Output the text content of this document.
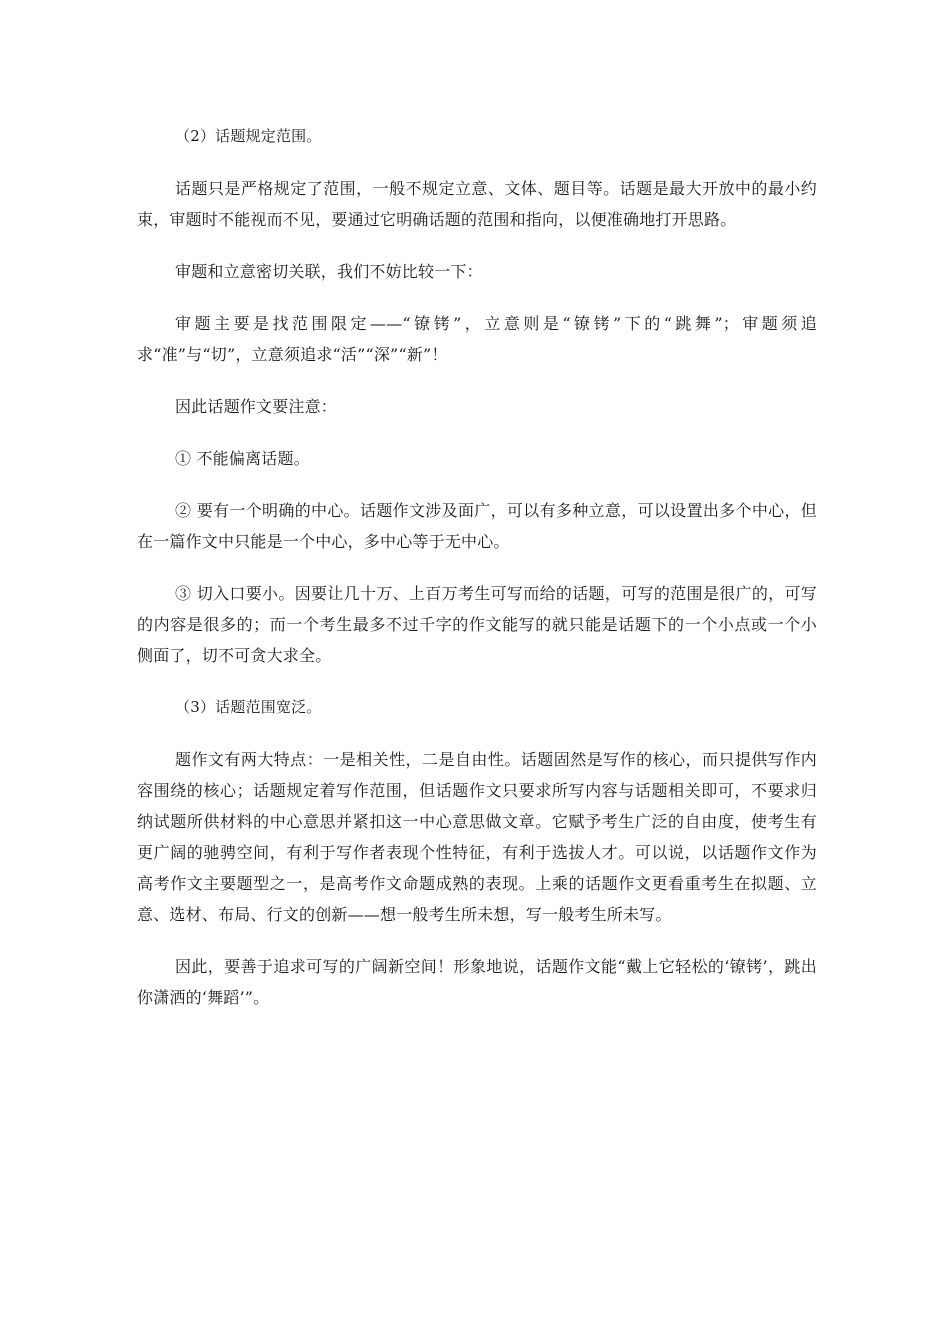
（2）话题规定范围。

话题只是严格规定了范围，一般不规定立意、文体、题目等。话题是最大开放中的最小约束，审题时不能视而不见，要通过它明确话题的范围和指向，以便准确地打开思路。

审题和立意密切关联，我们不妨比较一下：

审题主要是找范围限定——“镣铐”，立意则是“镣铐”下的“跳舞”；审题须追求“准”与“切”，立意须追求“活”“深”“新”！

因此话题作文要注意：

① 不能偏离话题。

② 要有一个明确的中心。话题作文涉及面广，可以有多种立意，可以设置出多个中心，但在一篇作文中只能是一个中心，多中心等于无中心。

③ 切入口要小。因要让几十万、上百万考生可写而给的话题，可写的范围是很广的，可写的内容是很多的；而一个考生最多不过千字的作文能写的就只能是话题下的一个小点或一个小侧面了，切不可贪大求全。

（3）话题范围宽泛。

题作文有两大特点：一是相关性，二是自由性。话题固然是写作的核心，而只提供写作内容围绕的核心；话题规定着写作范围，但话题作文只要求所写内容与话题相关即可，不要求归纳试题所供材料的中心意思并紧扣这一中心意思做文章。它赋予考生广泛的自由度，使考生有更广阔的驰骋空间，有利于写作者表现个性特征，有利于选拔人才。可以说，以话题作文作为高考作文主要题型之一，是高考作文命题成熟的表现。上乘的话题作文更看重考生在拟题、立意、选材、布局、行文的创新——想一般考生所未想，写一般考生所未写。

因此，要善于追求可写的广阔新空间！形象地说，话题作文能“戴上它轻松的‘镣铐’，跳出你潇洒的‘舞蹈’”。
